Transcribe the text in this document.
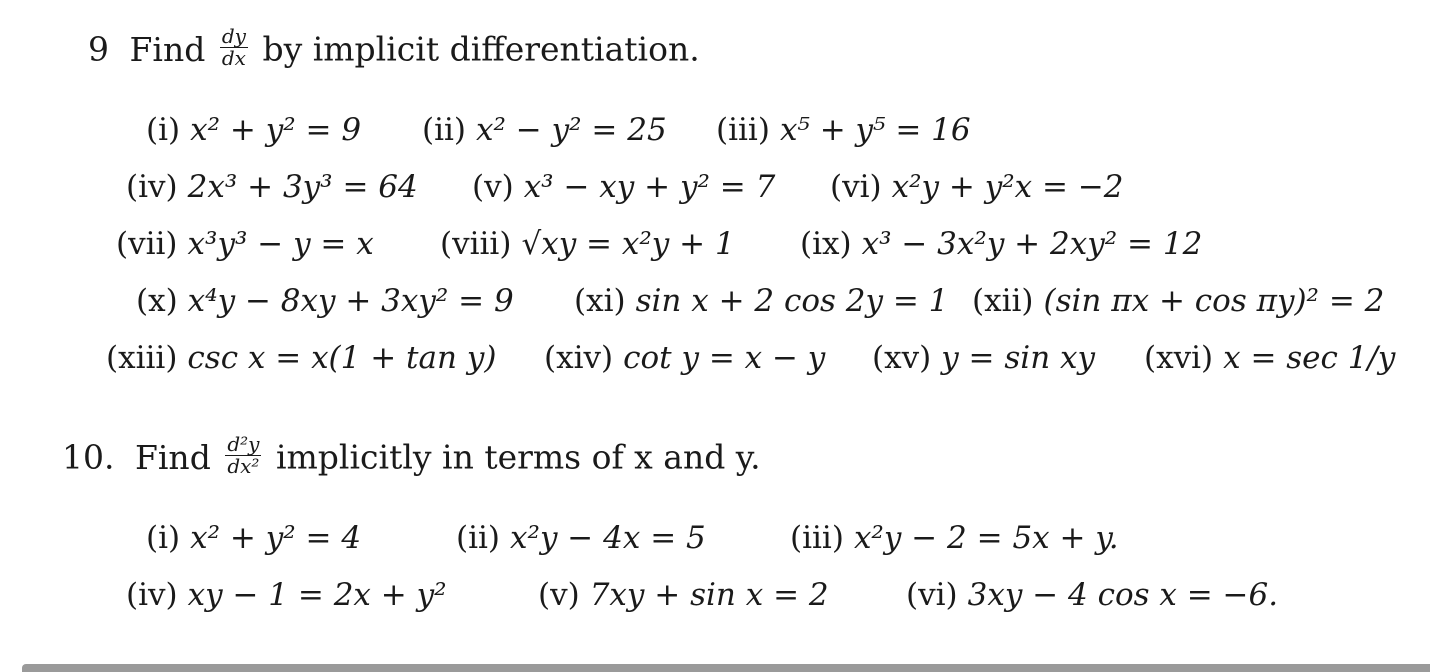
9 Find $\frac{dy}{dx}$ by implicit differentiation.
(i) x² + y² = 9 (ii) x² − y² = 25 (iii) x⁵ + y⁵ = 16
(iv) 2x³ + 3y³ = 64 (v) x³ − xy + y² = 7 (vi) x²y + y²x = −2
(vii) x³y³ − y = x (viii) √xy = x²y + 1 (ix) x³ − 3x²y + 2xy² = 12
(x) x⁴y − 8xy + 3xy² = 9 (xi) sin x + 2 cos 2y = 1 (xii) (sin πx + cos πy)² = 2
(xiii) csc x = x(1 + tan y) (xiv) cot y = x − y (xv) y = sin xy (xvi) x = sec 1/y
10. Find $\frac{\text{d²y}}{\text{dx²}}$ implicitly in terms of x and y.
(i) x² + y² = 4	(ii) x²y − 4x = 5	(iii) x²y − 2 = 5x + y.
(iv) xy − 1 = 2x + y²	(v) 7xy + sin x = 2 (vi) 3xy − 4 cos x = −6.
